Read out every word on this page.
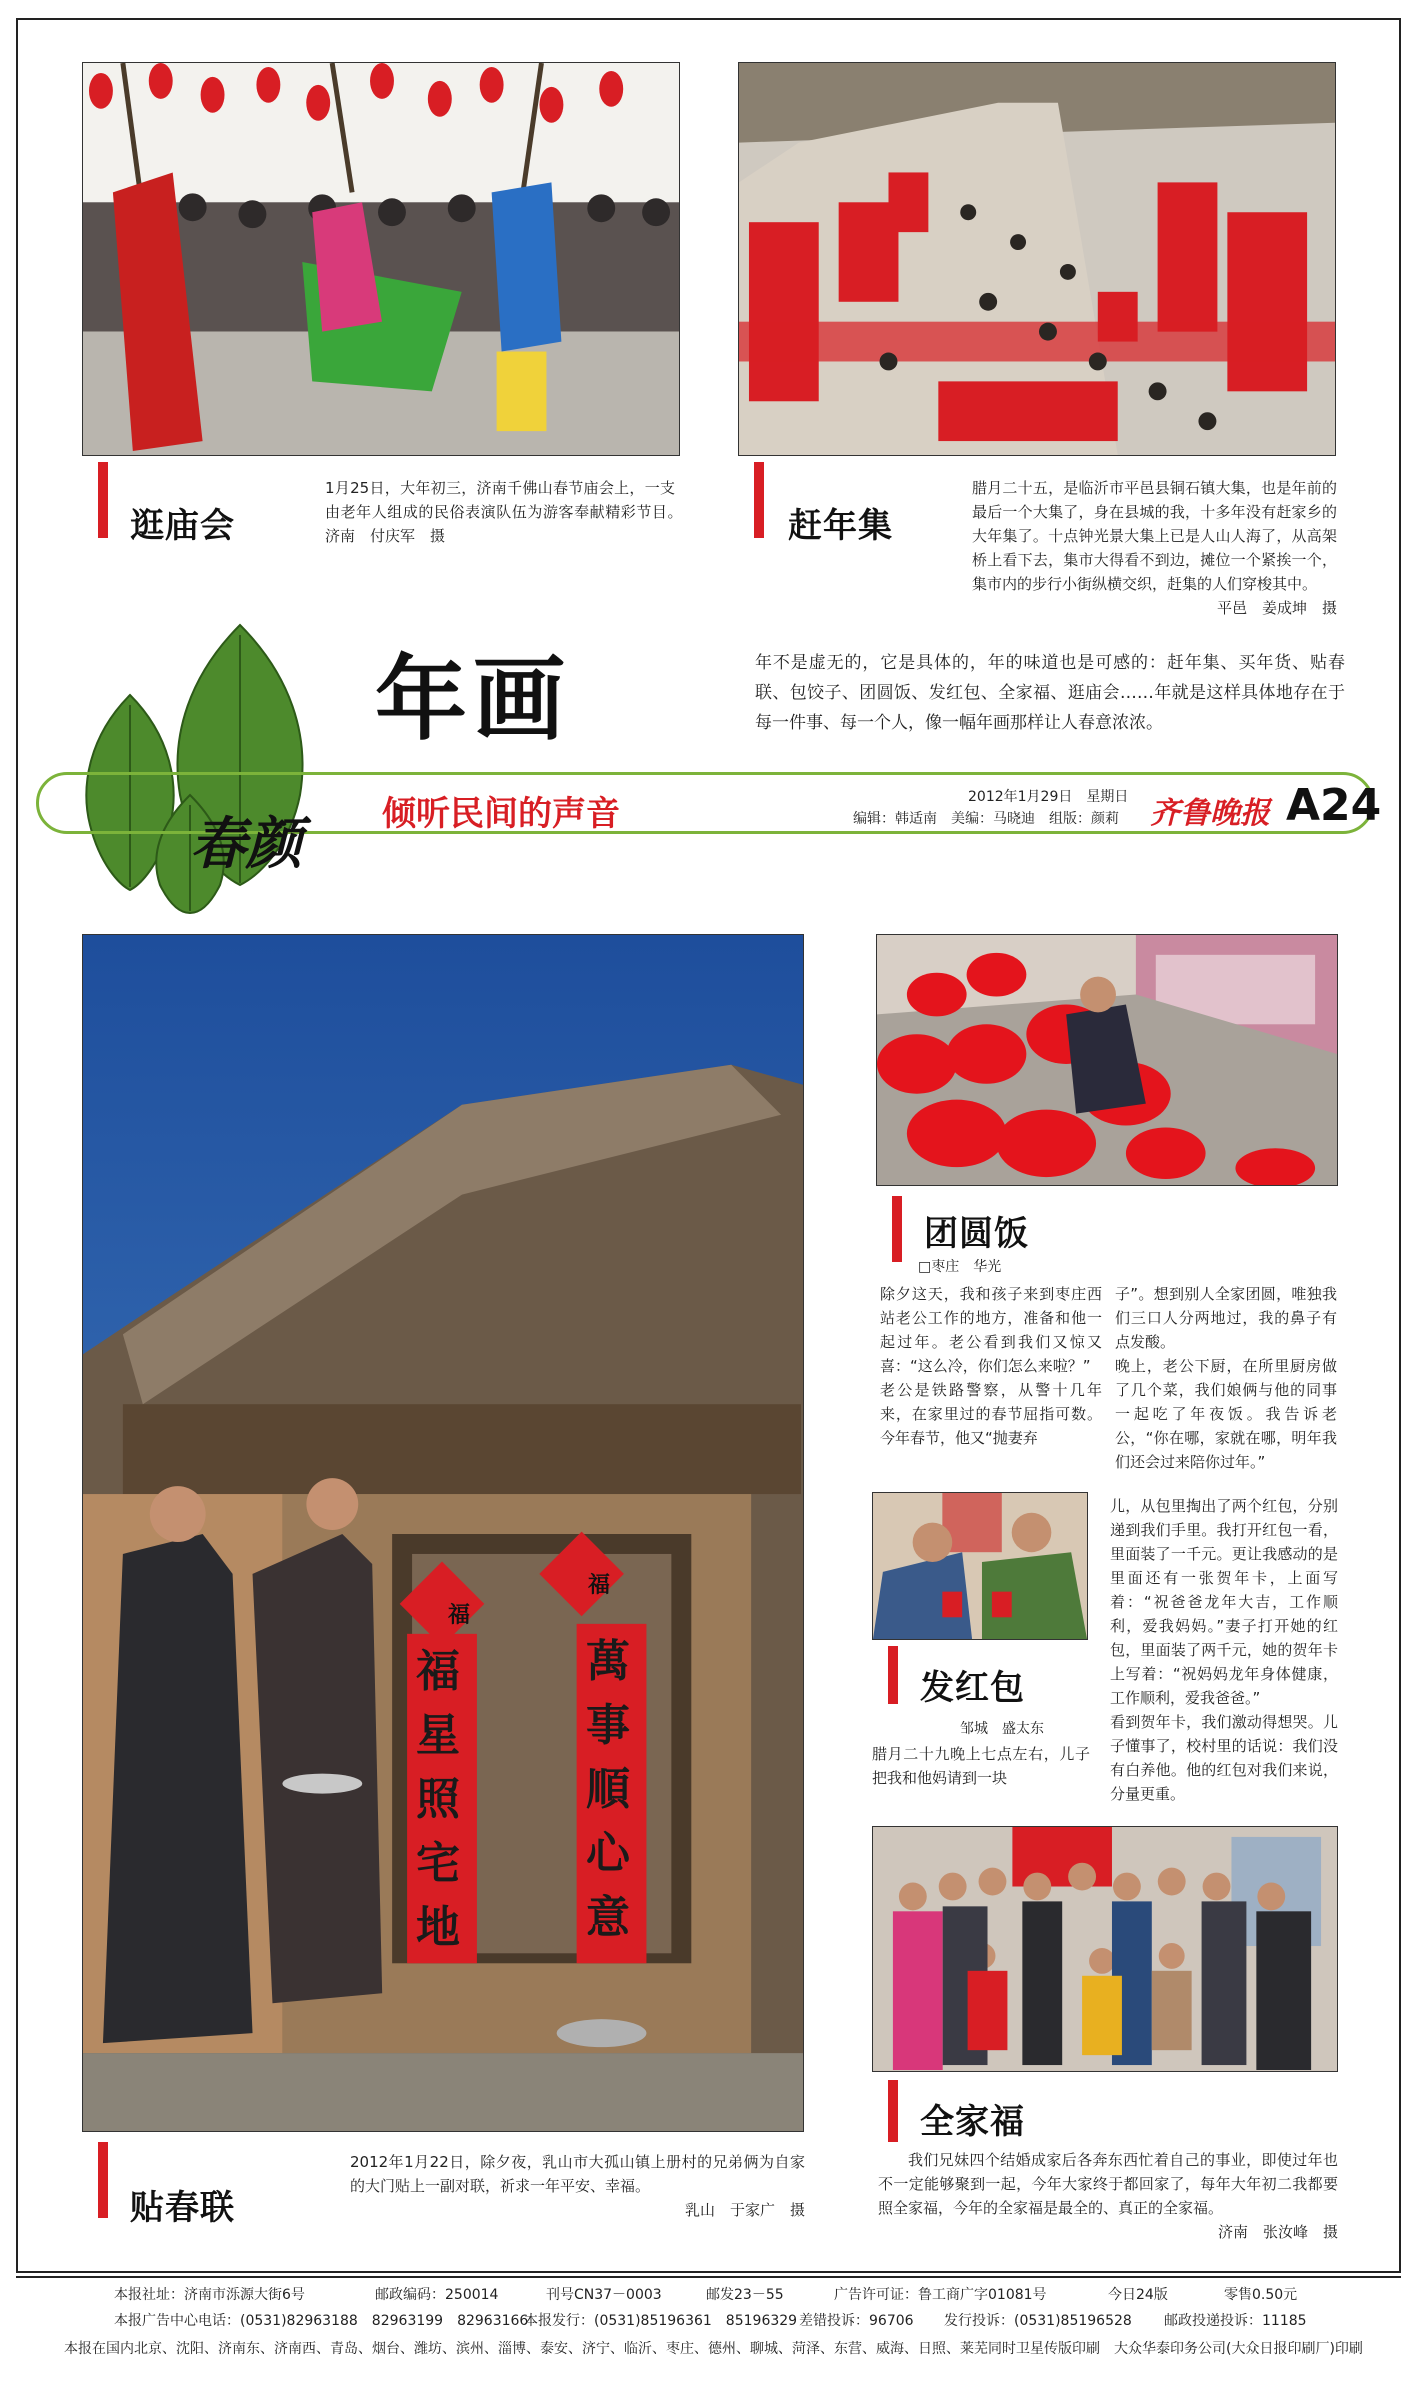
逛庙会
1月25日，大年初三，济南千佛山春节庙会上，一支由老年人组成的民俗表演队伍为游客奉献精彩节目。　济南　付庆军　摄	赶年集
腊月二十五，是临沂市平邑县铜石镇大集，也是年前的最后一个大集了，身在县城的我，十多年没有赶家乡的大年集了。十点钟光景大集上已是人山人海了，从高架桥上看下去，集市大得看不到边，摊位一个紧挨一个，集市内的步行小街纵横交织，赶集的人们穿梭其中。
平邑　姜成坤　摄
年画	年不是虚无的，它是具体的，年的味道也是可感的：赶年集、买年货、贴春联、包饺子、团圆饭、发红包、全家福、逛庙会……年就是这样具体地存在于每一件事、每一个人，像一幅年画那样让人春意浓浓。
春颜 倾听民间的声音	2012年1月29日　星期日
编辑：韩适南　美编：马晓迪　组版：颜莉 齐鲁晚报 A24
福星照宅地
萬事順心意
福
福
贴春联
2012年1月22日，除夕夜，乳山市大孤山镇上册村的兄弟俩为自家的大门贴上一副对联，祈求一年平安、幸福。
乳山　于家广　摄
团圆饭
□枣庄　华光
除夕这天，我和孩子来到枣庄西站老公工作的地方，准备和他一起过年。老公看到我们又惊又喜：“这么冷，你们怎么来啦？”
老公是铁路警察，从警十几年来，在家里过的春节屈指可数。今年春节，他又“抛妻弃
子”。想到别人全家团圆，唯独我们三口人分两地过，我的鼻子有点发酸。
晚上，老公下厨，在所里厨房做了几个菜，我们娘俩与他的同事一起吃了年夜饭。我告诉老公，“你在哪，家就在哪，明年我们还会过来陪你过年。”
发红包
邹城　盛太东
腊月二十九晚上七点左右，儿子把我和他妈请到一块
儿，从包里掏出了两个红包，分别递到我们手里。我打开红包一看，里面装了一千元。更让我感动的是里面还有一张贺年卡，上面写着：“祝爸爸龙年大吉，工作顺利，爱我妈妈。”妻子打开她的红包，里面装了两千元，她的贺年卡上写着：“祝妈妈龙年身体健康，工作顺利，爱我爸爸。”
看到贺年卡，我们激动得想哭。儿子懂事了，校村里的话说：我们没有白养他。他的红包对我们来说，分量更重。
全家福
我们兄妹四个结婚成家后各奔东西忙着自己的事业，即使过年也不一定能够聚到一起，今年大家终于都回家了，每年大年初二我都要照全家福，今年的全家福是最全的、真正的全家福。
济南　张汝峰　摄
本报社址：济南市泺源大街6号	邮政编码：250014	刊号CN37－0003	邮发23－55	广告许可证：鲁工商广字01081号	今日24版	零售0.50元
本报广告中心电话：(0531)82963188　82963199　82963166
本报发行：(0531)85196361　85196329 差错投诉：96706 发行投诉：(0531)85196528 邮政投递投诉：11185
本报在国内北京、沈阳、济南东、济南西、青岛、烟台、潍坊、滨州、淄博、泰安、济宁、临沂、枣庄、德州、聊城、菏泽、东营、威海、日照、莱芜同时卫星传版印刷　大众华泰印务公司(大众日报印刷厂)印刷
